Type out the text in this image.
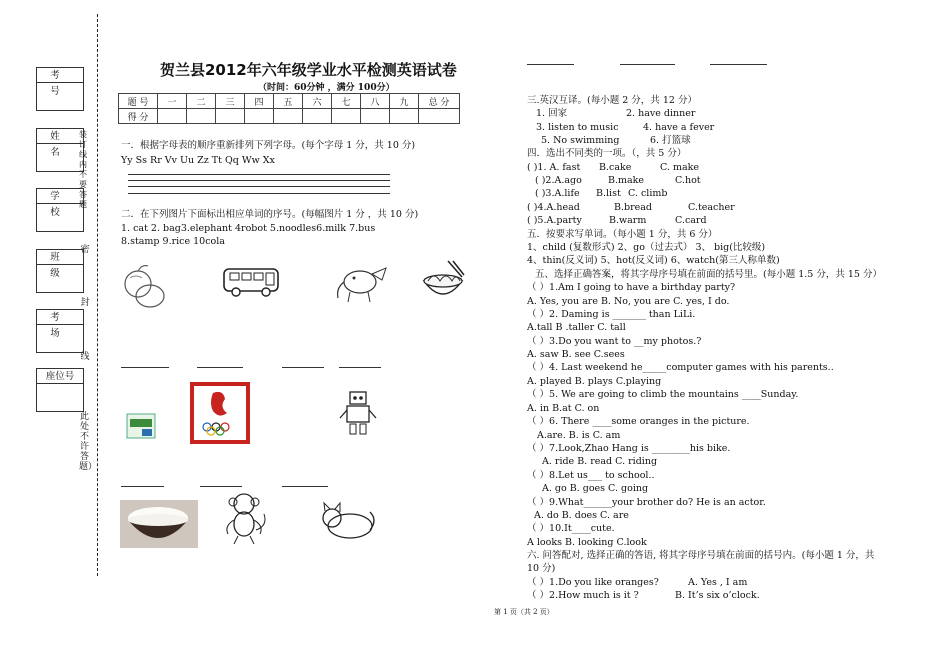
考 号
姓 名
学 校
班 级
考 场
座位号
装订线内不要答题
密
封
线
此处不许答题）
贺兰县2012年六年级学业水平检测英语试卷
（时间：60分钟 ，满分 100分）
题 号	一	二	三	四	五	六	七	八	九	总 分
得 分										
一．根据字母表的顺序重新排列下列字母。(每个字母 1 分，共 10 分)
Yy Ss Rr Vv Uu Zz Tt Qq Ww Xx
二．在下列图片下面标出相应单词的序号。(每幅图片 1 分 ，共 10 分)
1. cat 2. bag3.elephant 4robot 5.noodles6.milk 7.bus
8.stamp 9.rice 10cola
三.英汉互译。(每小题 2 分，共 12 分）
1. 回家	2. have dinner
3. listen to music	4. have a fever
5. No swimming	6. 打篮球
四．选出不同类的一项。（，共 5 分）
( )1. A. fast B.cake	C. make
( )2.A.ago	B.make	C.hot
( )3.A.life B.list C. climb
( )4.A.head	B.bread	C.teacher
( )5.A.party	B.warm	C.card
五．按要求写单词。（每小题 1 分，共 6 分）
1、child (复数形式) 2、go（过去式） 3、 big(比较级)
4、thin(反义词) 5、hot(反义词) 6、watch(第三人称单数)
五、选择正确答案，将其字母序号填在前面的括号里。(每小题 1.5 分，共 15 分）
（ ）1.Am I going to have a birthday party?
A. Yes, you are B. No, you are C. yes, I do.
（ ）2. Daming is _______ than LiLi.
A.tall B .taller C. tall
（ ）3.Do you want to __my photos.?
A. saw B. see C.sees
（ ）4. Last weekend he_____computer games with his parents..
A. played B. plays C.playing
（ ）5. We are going to climb the mountains ____Sunday.
A. in B.at C. on
（ ）6. There ____some oranges in the picture.
A.are. B. is C. am
（ ）7.Look,Zhao Hang is ________his bike.
A. ride B. read C. riding
（ ）8.Let us___ to school..
A. go B. goes C. going
（ ）9.What______your brother do? He is an actor.
A. do B. does C. are
（ ）10.It____cute.
A looks B. looking C.look
六. 问答配对, 选择正确的答语, 将其字母序号填在前面的括号内。(每小题 1 分，共
10 分)
（ ）1.Do you like oranges?	A. Yes , I am
（ ）2.How much is it ?	B. It’s six o’clock.
第 1 页（共 2 页）
